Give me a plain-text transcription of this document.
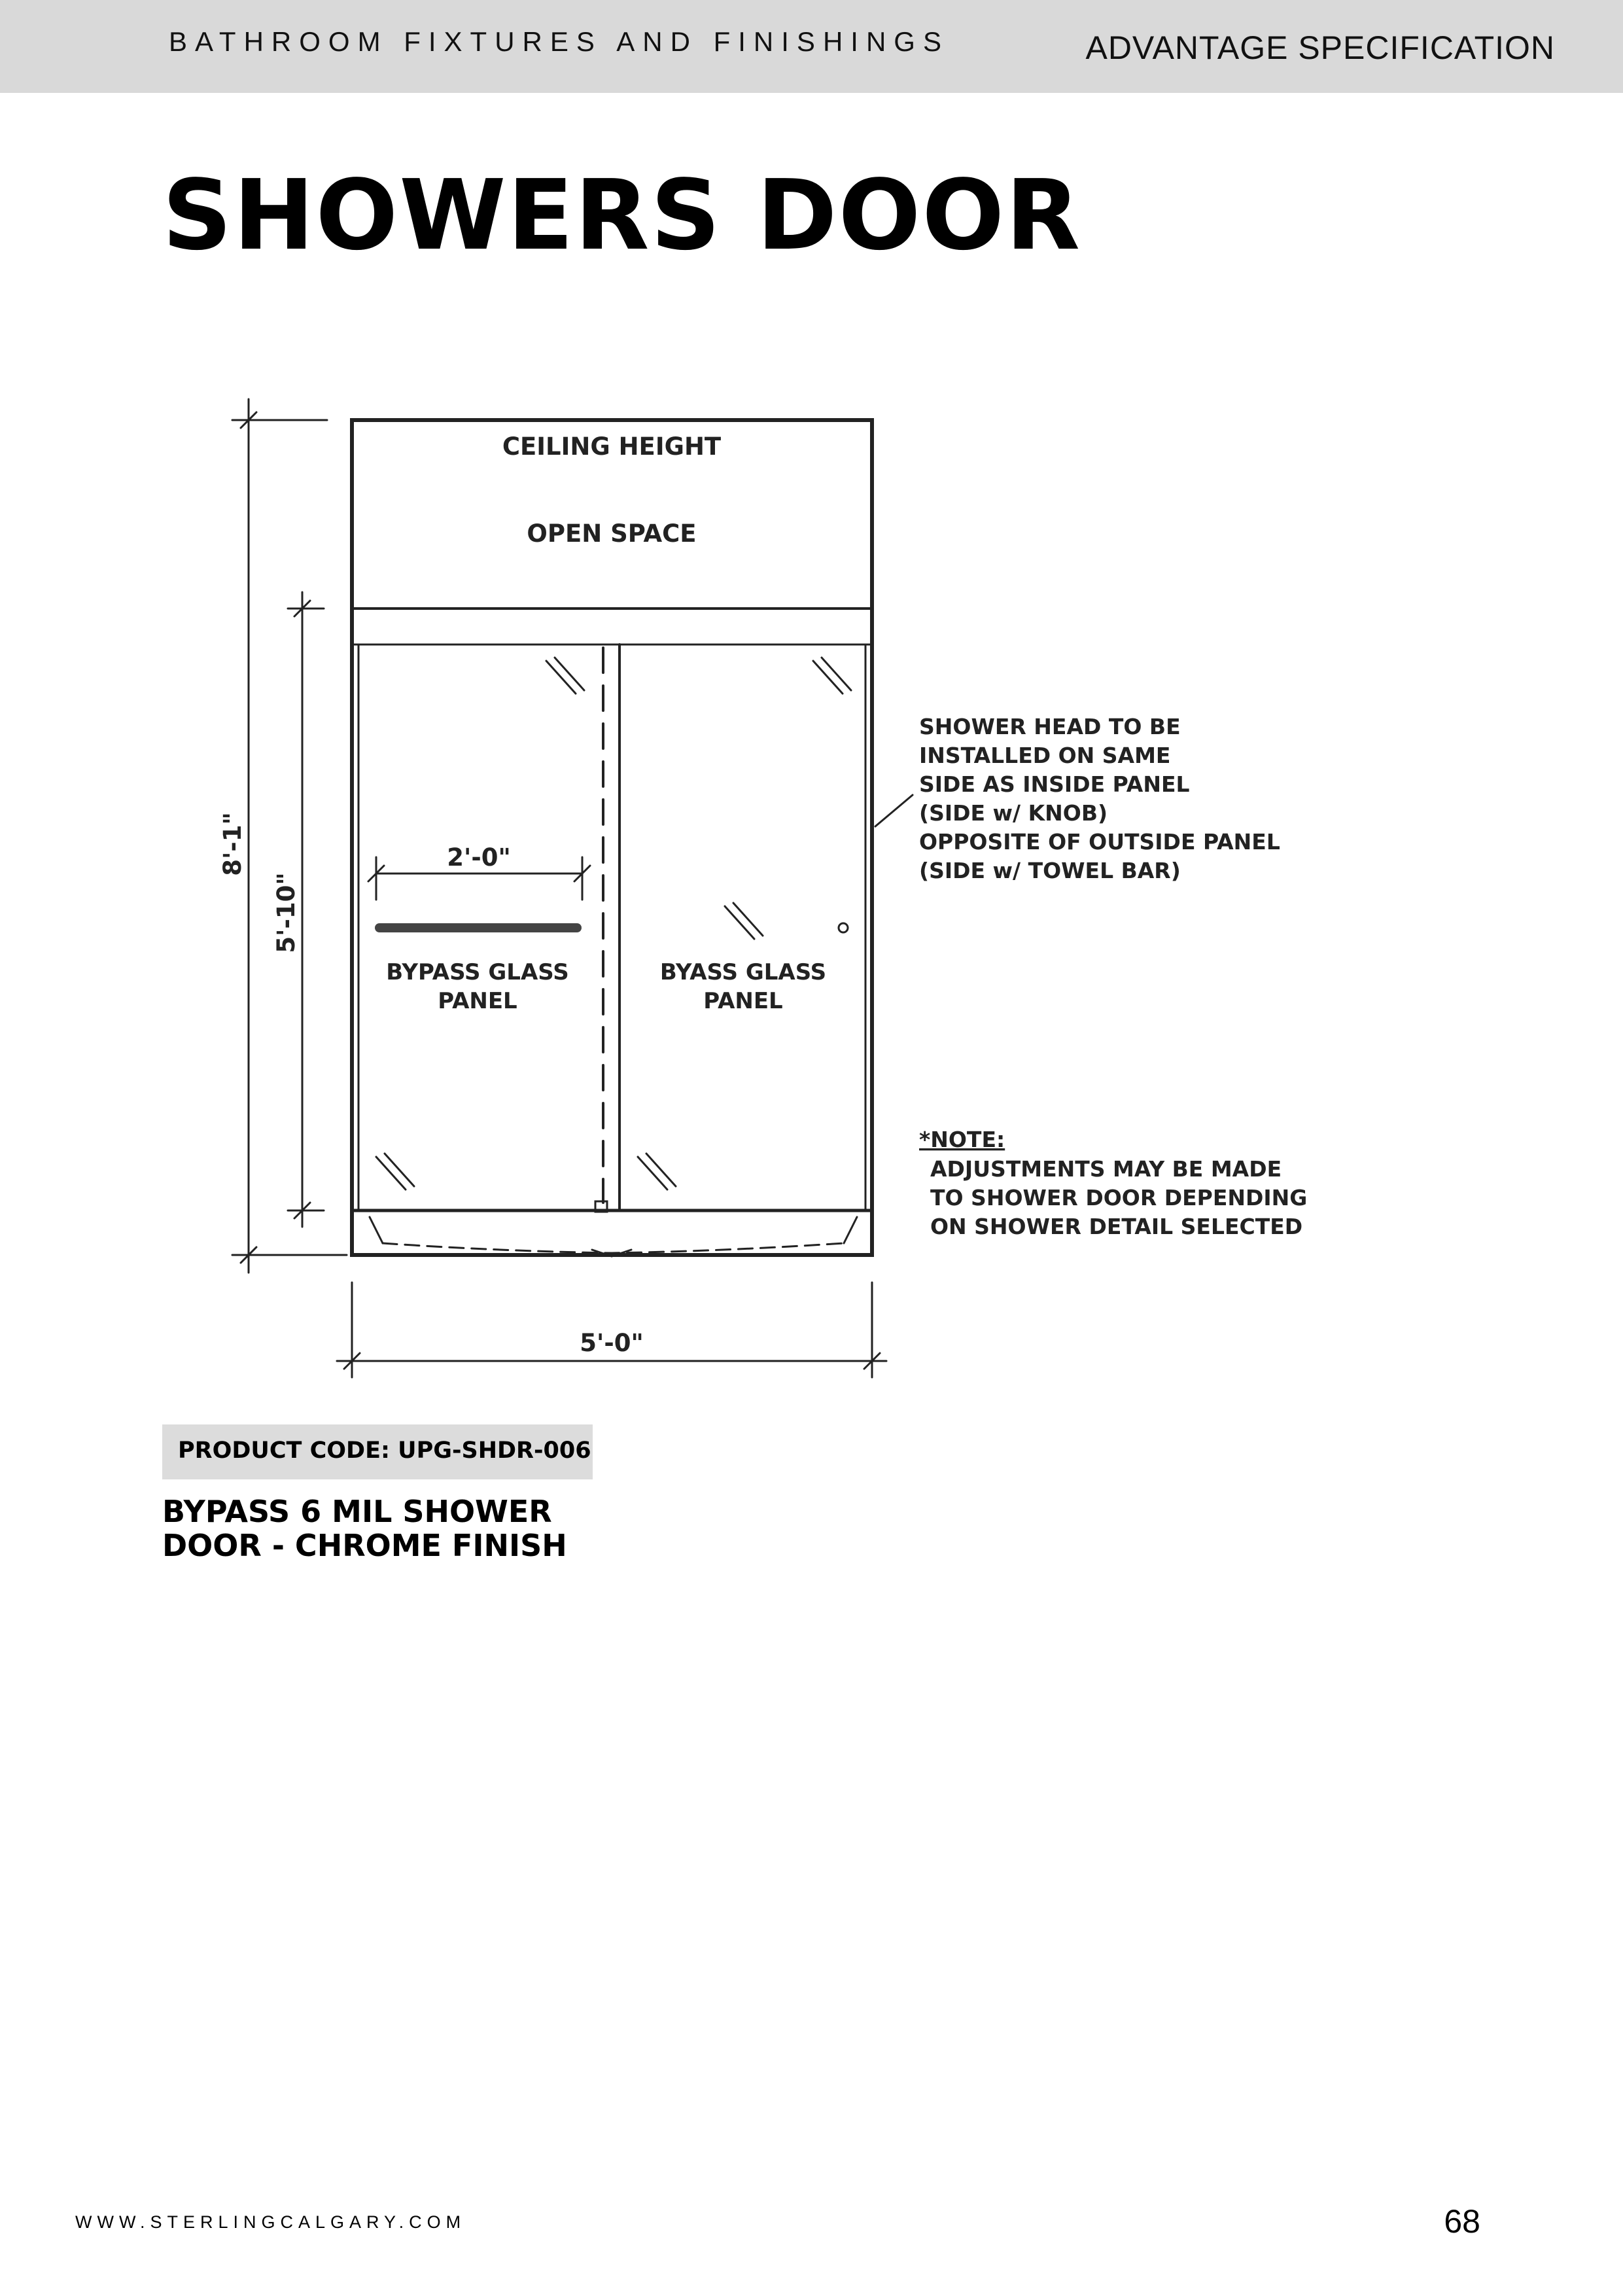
BATHROOM FIXTURES AND FINISHINGS	ADVANTAGE SPECIFICATION
SHOWERS DOOR
CEILING HEIGHT
OPEN SPACE
2'-0"
BYPASS GLASS
PANEL
BYASS GLASS
PANEL
8'-1"
5'-10"
5'-0"
SHOWER HEAD TO BE
INSTALLED ON SAME
SIDE AS INSIDE PANEL
(SIDE w/ KNOB)
OPPOSITE OF OUTSIDE PANEL
(SIDE w/ TOWEL BAR)
*NOTE:
ADJUSTMENTS MAY BE MADE
TO SHOWER DOOR DEPENDING
ON SHOWER DETAIL SELECTED
PRODUCT CODE: UPG-SHDR-006
BYPASS 6 MIL SHOWER DOOR - CHROME FINISH
WWW.STERLINGCALGARY.COM	68
